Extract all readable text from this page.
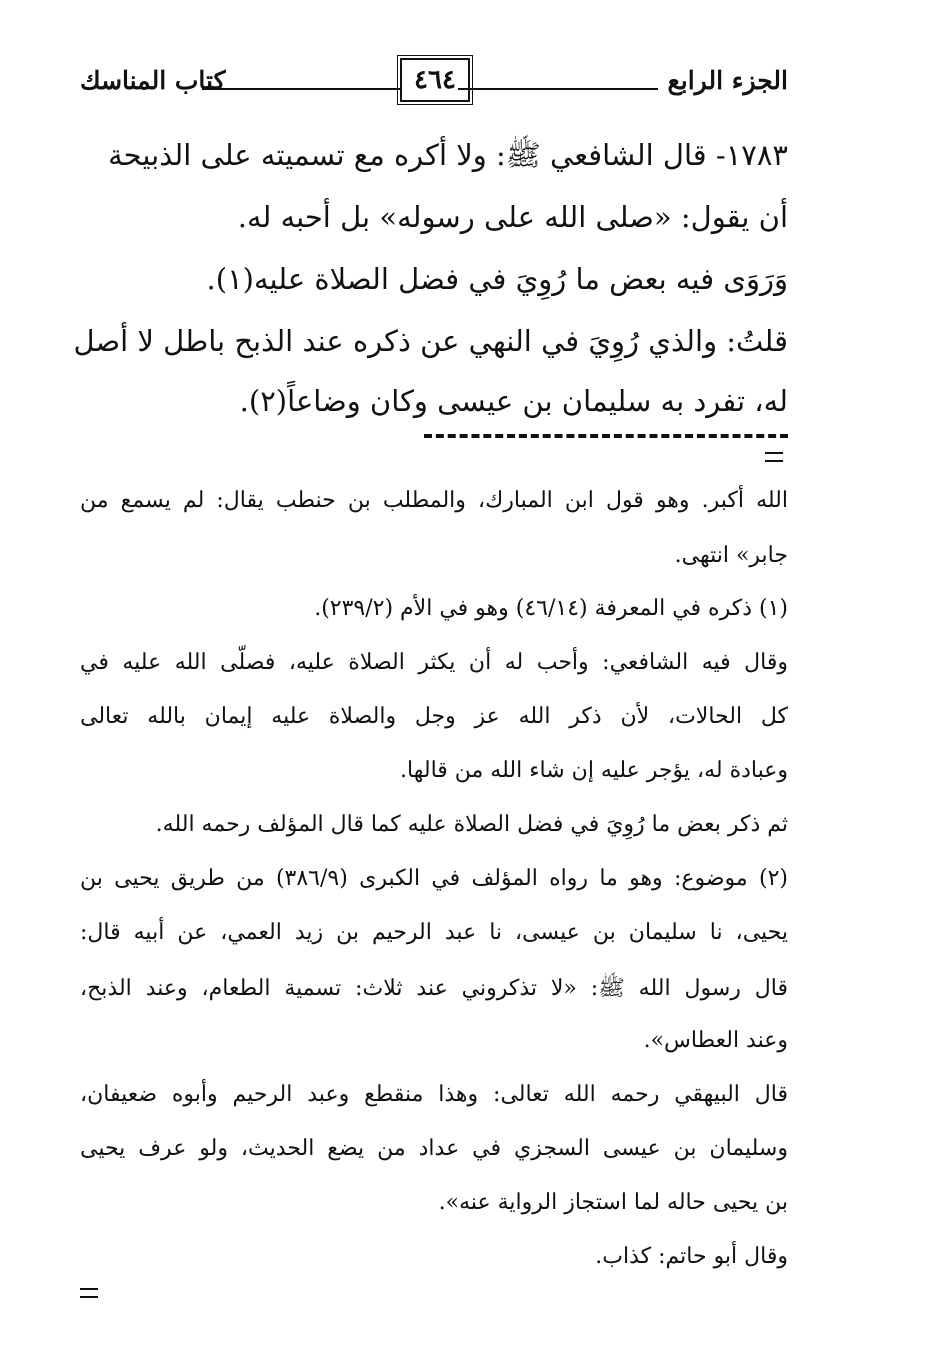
الجزء الرابع
٤٦٤
كتاب المناسك
١٧٨٣- قال الشافعي ﷺ: ولا أكره مع تسميته على الذبيحة
أن يقول: «صلى الله على رسوله» بل أحبه له.
وَرَوَى فيه بعض ما رُوِيَ في فضل الصلاة عليه(١).
قلتُ: والذي رُوِيَ في النهي عن ذكره عند الذبح باطل لا أصل
له، تفرد به سليمان بن عيسى وكان وضاعاً(٢).
الله أكبر. وهو قول ابن المبارك، والمطلب بن حنطب يقال: لم يسمع من
جابر» انتهى.
(١) ذكره في المعرفة (٤٦/١٤) وهو في الأم (٢٣٩/٢).
وقال فيه الشافعي: وأحب له أن يكثر الصلاة عليه، فصلّى الله عليه في
كل الحالات، لأن ذكر الله عز وجل والصلاة عليه إيمان بالله تعالى
وعبادة له، يؤجر عليه إن شاء الله من قالها.
ثم ذكر بعض ما رُوِيَ في فضل الصلاة عليه كما قال المؤلف رحمه الله.
(٢) موضوع: وهو ما رواه المؤلف في الكبرى (٣٨٦/٩) من طريق يحيى بن
يحيى، نا سليمان بن عيسى، نا عبد الرحيم بن زيد العمي، عن أبيه قال:
قال رسول الله ﷺ: «لا تذكروني عند ثلاث: تسمية الطعام، وعند الذبح،
وعند العطاس».
قال البيهقي رحمه الله تعالى: وهذا منقطع وعبد الرحيم وأبوه ضعيفان،
وسليمان بن عيسى السجزي في عداد من يضع الحديث، ولو عرف يحيى
بن يحيى حاله لما استجاز الرواية عنه».
وقال أبو حاتم: كذاب.
